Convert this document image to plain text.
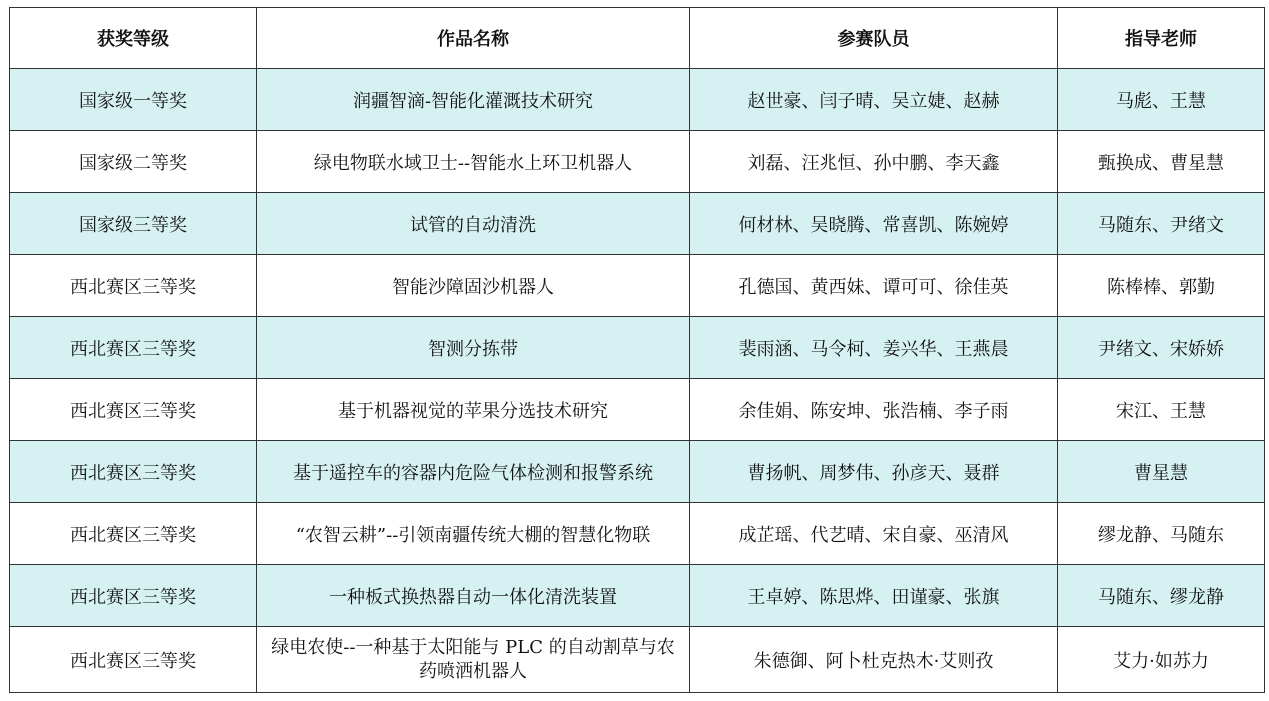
获奖等级	作品名称	参赛队员	指导老师
国家级一等奖	润疆智滴-智能化灌溉技术研究	赵世豪、闫子晴、吴立婕、赵赫	马彪、王慧
国家级二等奖	绿电物联水域卫士--智能水上环卫机器人	刘磊、汪兆恒、孙中鹏、李天鑫	甄换成、曹星慧
国家级三等奖	试管的自动清洗	何材林、吴晓腾、常喜凯、陈婉婷	马随东、尹绪文
西北赛区三等奖	智能沙障固沙机器人	孔德国、黄西妹、谭可可、徐佳英	陈棒棒、郭勤
西北赛区三等奖	智测分拣带	裴雨涵、马令柯、姜兴华、王燕晨	尹绪文、宋娇娇
西北赛区三等奖	基于机器视觉的苹果分选技术研究	余佳娟、陈安坤、张浩楠、李子雨	宋江、王慧
西北赛区三等奖	基于遥控车的容器内危险气体检测和报警系统	曹扬帆、周梦伟、孙彦天、聂群	曹星慧
西北赛区三等奖	“农智云耕”--引领南疆传统大棚的智慧化物联	成芷瑶、代艺晴、宋自豪、巫清风	缪龙静、马随东
西北赛区三等奖	一种板式换热器自动一体化清洗装置	王卓婷、陈思烨、田谨豪、张旗	马随东、缪龙静
西北赛区三等奖	绿电农使--一种基于太阳能与 PLC 的自动割草与农药喷洒机器人	朱德御、阿卜杜克热木·艾则孜	艾力·如苏力
